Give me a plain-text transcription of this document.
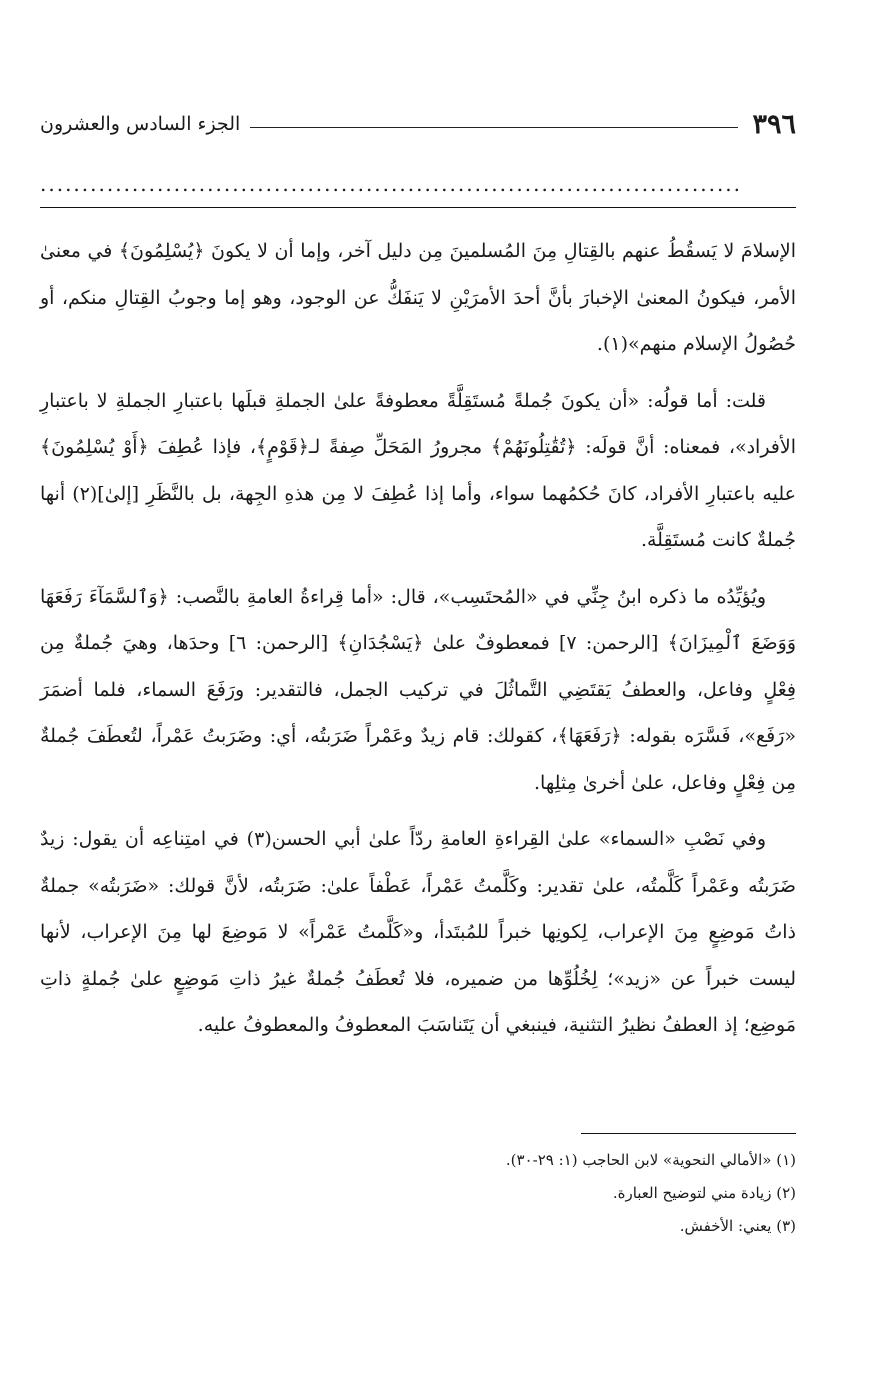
٣٩٦
الجزء السادس والعشرون
....................................................................................

الإسلامَ لا يَسقُطُ عنهم بالقِتالِ مِنَ المُسلمينَ مِن دليل آخر، وإما أن لا يكونَ ﴿يُسْلِمُونَ﴾ في معنىٰ الأمر، فيكونُ المعنىٰ الإخبارَ بأنَّ أحدَ الأمرَيْنِ لا يَنفَكُّ عن الوجود، وهو إما وجوبُ القِتالِ منكم، أو حُصُولُ الإسلام منهم»(١).

قلت: أما قولُه: «أن يكونَ جُملةً مُستَقِلَّةً معطوفةً علىٰ الجملةِ قبلَها باعتبارِ الجملةِ لا باعتبارِ الأفراد»، فمعناه: أنَّ قولَه: ﴿تُقَٰتِلُونَهُمْ﴾ مجرورُ المَحَلِّ صِفةً لـ﴿قَوْمٍ﴾، فإذا عُطِفَ ﴿أَوْ يُسْلِمُونَ﴾ عليه باعتبارِ الأفراد، كانَ حُكمُهما سواء، وأما إذا عُطِفَ لا مِن هذهِ الجِهة، بل بالنَّظَرِ [إلىٰ](٢) أنها جُملةٌ كانت مُستَقِلَّة.

ويُؤيِّدُه ما ذكره ابنُ جِنِّي في «المُحتَسِب»، قال: «أما قِراءةُ العامةِ بالنَّصب: ﴿وَٱلسَّمَآءَ رَفَعَهَا وَوَضَعَ ٱلْمِيزَانَ﴾ [الرحمن: ٧] فمعطوفٌ علىٰ ﴿يَسْجُدَانِ﴾ [الرحمن: ٦] وحدَها، وهيَ جُملةٌ مِن فِعْلٍ وفاعل، والعطفُ يَقتَضِي التَّماثُلَ في تركيب الجمل، فالتقدير: ورَفَعَ السماء، فلما أضمَرَ «رَفَع»، فَسَّرَه بقوله: ﴿رَفَعَهَا﴾، كقولك: قام زيدٌ وعَمْراً ضَرَبتُه، أي: وضَرَبتُ عَمْراً، لتُعطَفَ جُملةٌ مِن فِعْلٍ وفاعل، علىٰ أخرىٰ مِثلِها.

وفي نَصْبِ «السماء» علىٰ القِراءةِ العامةِ ردّاً علىٰ أبي الحسن(٣) في امتِناعِه أن يقول: زيدٌ ضَرَبتُه وعَمْراً كَلَّمتُه، علىٰ تقدير: وكَلَّمتُ عَمْراً، عَطْفاً علىٰ: ضَرَبتُه، لأنَّ قولك: «ضَرَبتُه» جملةٌ ذاتُ مَوضِعٍ مِنَ الإعراب، لِكونِها خبراً للمُبتَدأ، و«كَلَّمتُ عَمْراً» لا مَوضِعَ لها مِنَ الإعراب، لأنها ليست خبراً عن «زيد»؛ لِخُلُوِّها من ضميره، فلا تُعطَفُ جُملةٌ غيرُ ذاتِ مَوضِعٍ علىٰ جُملةٍ ذاتِ مَوضِع؛ إذ العطفُ نظيرُ التثنية، فينبغي أن يَتَناسَبَ المعطوفُ والمعطوفُ عليه.

(١) «الأمالي النحوية» لابن الحاجب (١: ٢٩-٣٠).
(٢) زيادة مني لتوضيح العبارة.
(٣) يعني: الأخفش.
